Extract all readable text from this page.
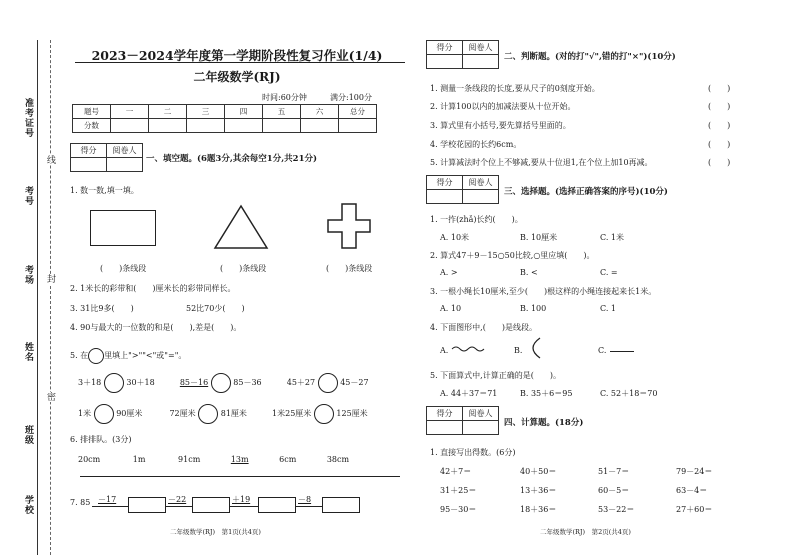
准考证号
考号
考场
姓名
班级
学校
线
封
密
2023－2024学年度第一学期阶段性复习作业(1/4)
二年级数学(RJ)
时间:60分钟	满分:100分
题号	一	二	三	四	五	六	总分
分数							
得分	阅卷人

一、填空题。(6题3分,其余每空1分,共21分)
1. 数一数,填一填。
(　　)条线段	(　　)条线段	(　　)条线段
2. 1米长的彩带和(　　)厘米长的彩带同样长。
3. 31比9多(　　)	52比70少(　　)
4. 90与最大的一位数的和是(　　),差是(　　)。
5. 在 里填上">""<"或"="。
3＋18	30＋18	85－16	85－36	45＋27	45－27
1米	90厘米	72厘米	81厘米	1米25厘米	125厘米
6. 排排队。(3分)
20cm	1m	91cm	13m	6cm	38cm
7. 85 －17	－22	＋19	－8
二年级数学(RJ)　第1页(共4页)
得分	阅卷人

二、判断题。(对的打"√",错的打"×")(10分)
1. 测量一条线段的长度,要从尺子的0刻度开始。
2. 计算100以内的加减法要从十位开始。
3. 算式里有小括号,要先算括号里面的。
4. 学校花园的长约6cm。
5. 计算减法时个位上不够减,要从十位退1,在个位上加10再减。
(　　)
(　　)
(　　)
(　　)
(　　)
得分	阅卷人

三、选择题。(选择正确答案的序号)(10分)
1. 一拃(zhǎ)长约(　　)。
A. 10米	B. 10厘米	C. 1米
2. 算式47＋9－15○50比较,○里应填(　　)。
A. >	B. <	C. =
3. 一根小绳长10厘米,至少(　　)根这样的小绳连接起来长1米。
A. 10	B. 100	C. 1
4. 下面图形中,(　　)是线段。
A.	B.	C.
5. 下面算式中,计算正确的是(　　)。
A. 44＋37＝71	B. 35＋6＝95	C. 52＋18＝70
得分	阅卷人

四、计算题。(18分)
1. 直接写出得数。(6分)
42＋7＝	40＋50＝	51－7＝	79－24＝
31＋25＝	13＋36＝	60－5＝	63－4＝
95－30＝	18＋36＝	53－22＝	27＋60＝
二年级数学(RJ)　第2页(共4页)
